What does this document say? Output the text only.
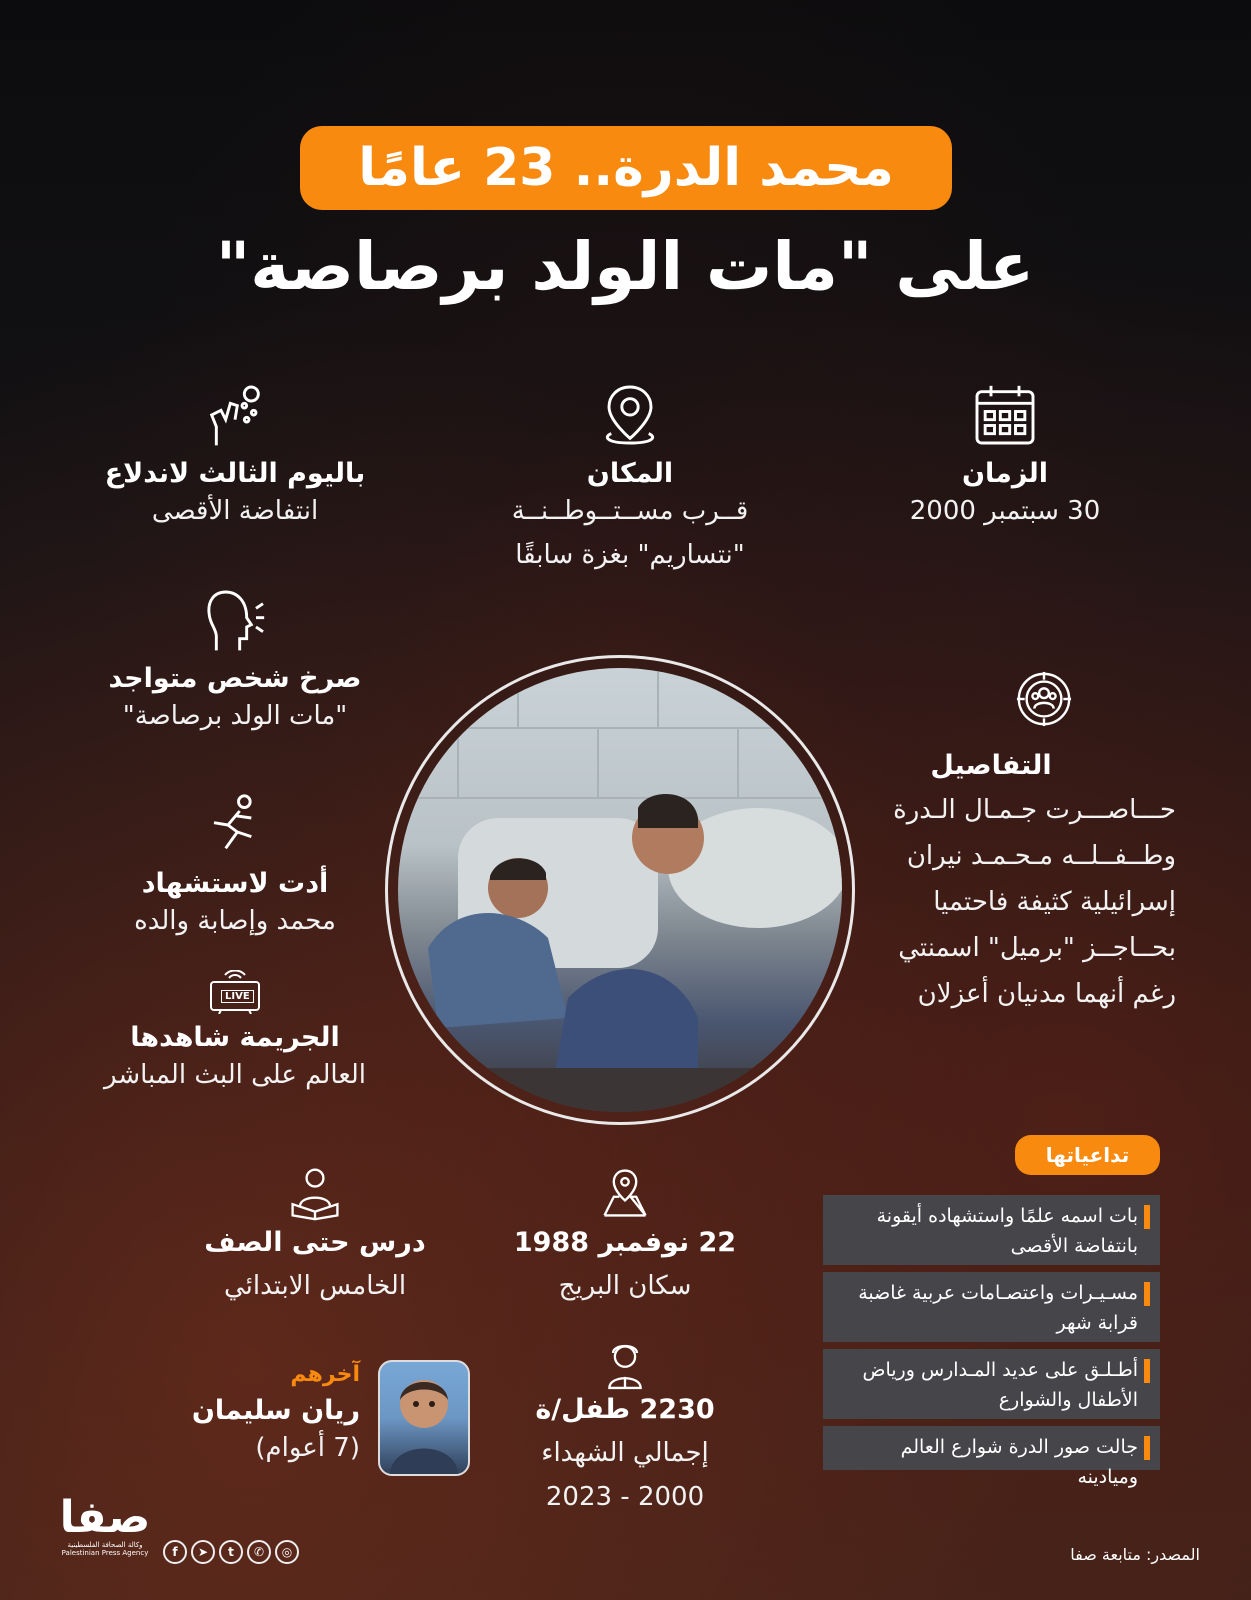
محمد الدرة.. 23 عامًا
على "مات الولد برصاصة"
الزمان
30 سبتمبر 2000
المكان
قــرب مســتــوطــنــة
"نتساريم" بغزة سابقًا
باليوم الثالث لاندلاع
انتفاضة الأقصى
صرخ شخص متواجد
"مات الولد برصاصة"
أدت لاستشهاد
محمد وإصابة والده
LIVE
الجريمة شاهدها
العالم على البث المباشر
التفاصيل
حـــاصـــرت جـمـال الـدرة
وطــفــلــه مـحـمـد نيران
إسرائيلية كثيفة فاحتميا
بحــاجــز "برميل" اسمنتي
رغم أنهما مدنيان أعزلان
تداعياتها
بات اسمه علمًا واستشهاده أيقونة بانتفاضة الأقصى
مسـيـرات واعتصـامات عربية غاضبة قرابة شهر
أطـلـق على عديد المـدارس ورياض الأطفال والشوارع
جالت صور الدرة شوارع العالم وميادينه
22 نوفمبر 1988
سكان البريج
درس حتى الصف
الخامس الابتدائي
2230 طفل/ة
إجمالي الشهداء
2000 - 2023
آخرهم
ريان سليمان
(7 أعوام)
المصدر: متابعة صفا
صفا
وكالة الصحافة الفلسطينية
Palestinian Press Agency	f	➤	t	✆	◎
